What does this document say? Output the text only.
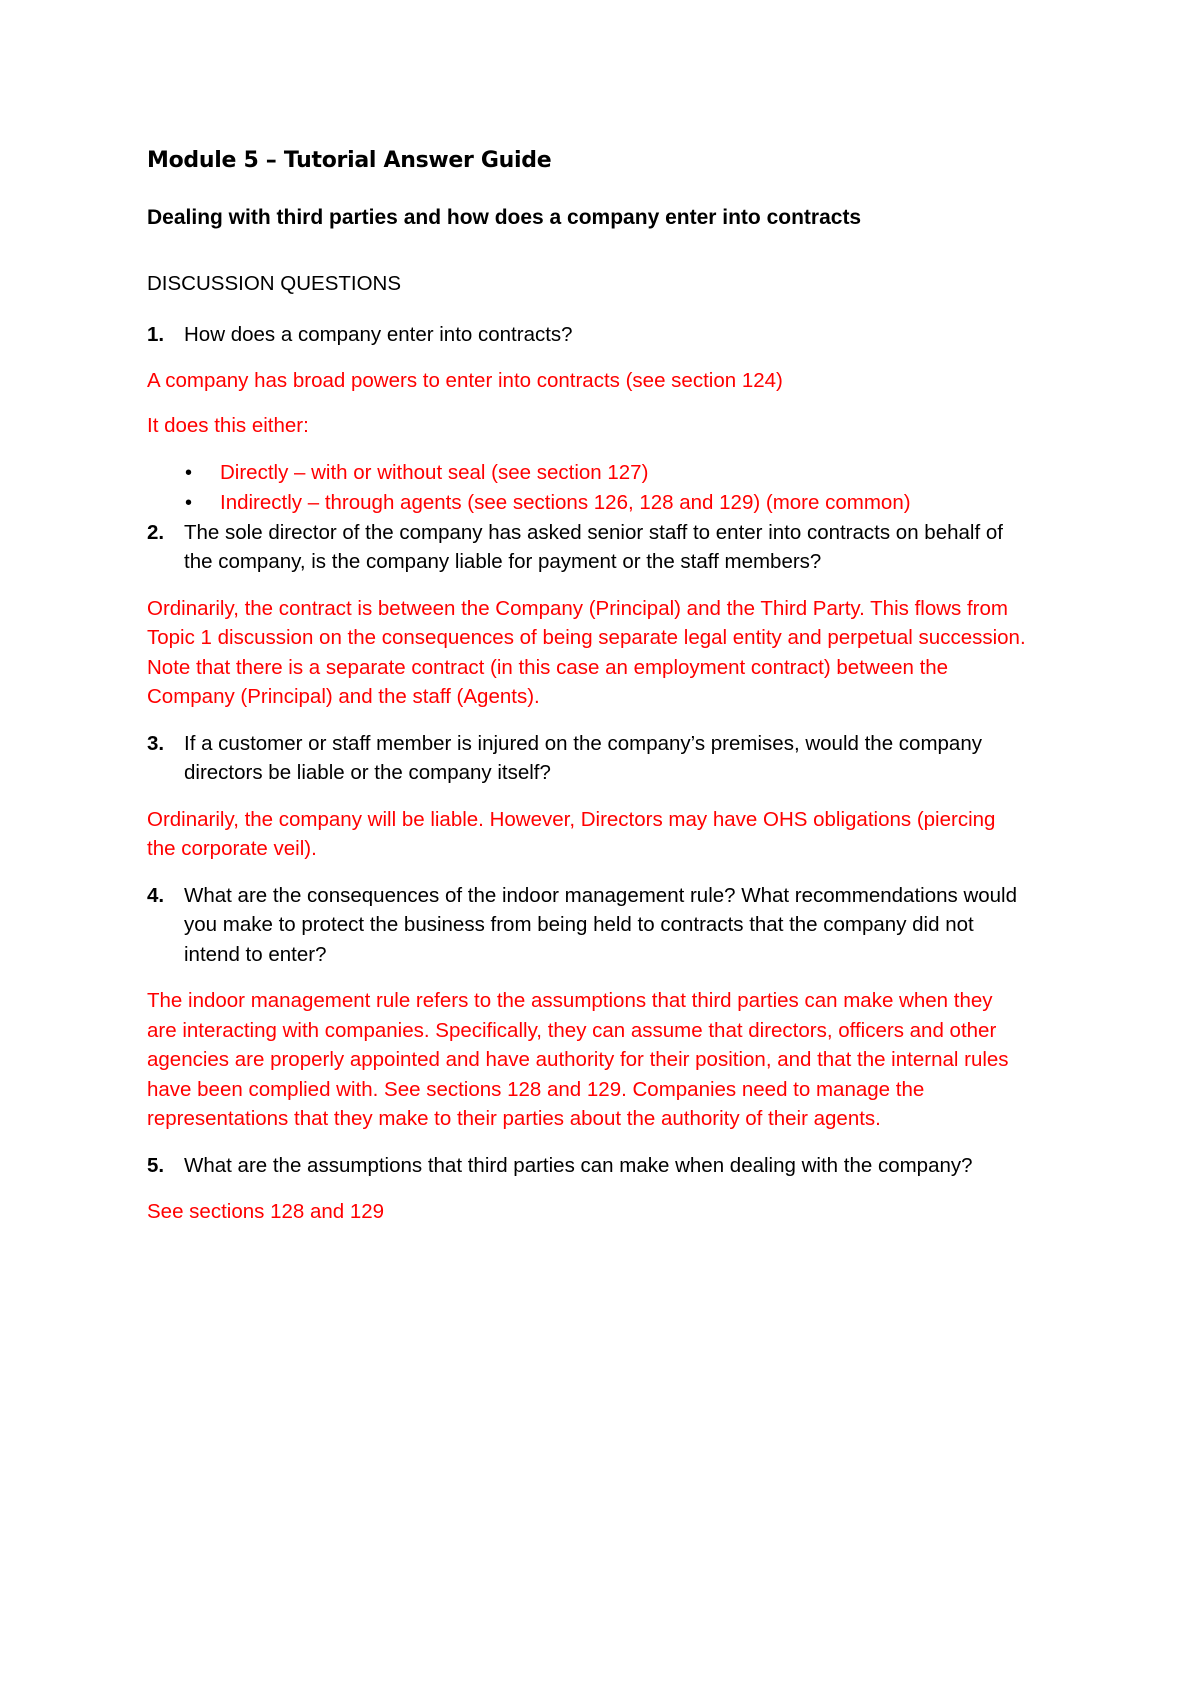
Module 5 – Tutorial Answer Guide
Dealing with third parties and how does a company enter into contracts
DISCUSSION QUESTIONS

1. How does a company enter into contracts?

A company has broad powers to enter into contracts (see section 124)

It does this either:

• Directly – with or without seal (see section 127)
• Indirectly – through agents (see sections 126, 128 and 129) (more common)

2. The sole director of the company has asked senior staff to enter into contracts on behalf of the company, is the company liable for payment or the staff members?

Ordinarily, the contract is between the Company (Principal) and the Third Party. This flows from Topic 1 discussion on the consequences of being separate legal entity and perpetual succession. Note that there is a separate contract (in this case an employment contract) between the Company (Principal) and the staff (Agents).

3. If a customer or staff member is injured on the company’s premises, would the company directors be liable or the company itself?

Ordinarily, the company will be liable. However, Directors may have OHS obligations (piercing the corporate veil).

4. What are the consequences of the indoor management rule? What recommendations would you make to protect the business from being held to contracts that the company did not intend to enter?

The indoor management rule refers to the assumptions that third parties can make when they are interacting with companies. Specifically, they can assume that directors, officers and other agencies are properly appointed and have authority for their position, and that the internal rules have been complied with. See sections 128 and 129. Companies need to manage the representations that they make to their parties about the authority of their agents.

5. What are the assumptions that third parties can make when dealing with the company?

See sections 128 and 129
